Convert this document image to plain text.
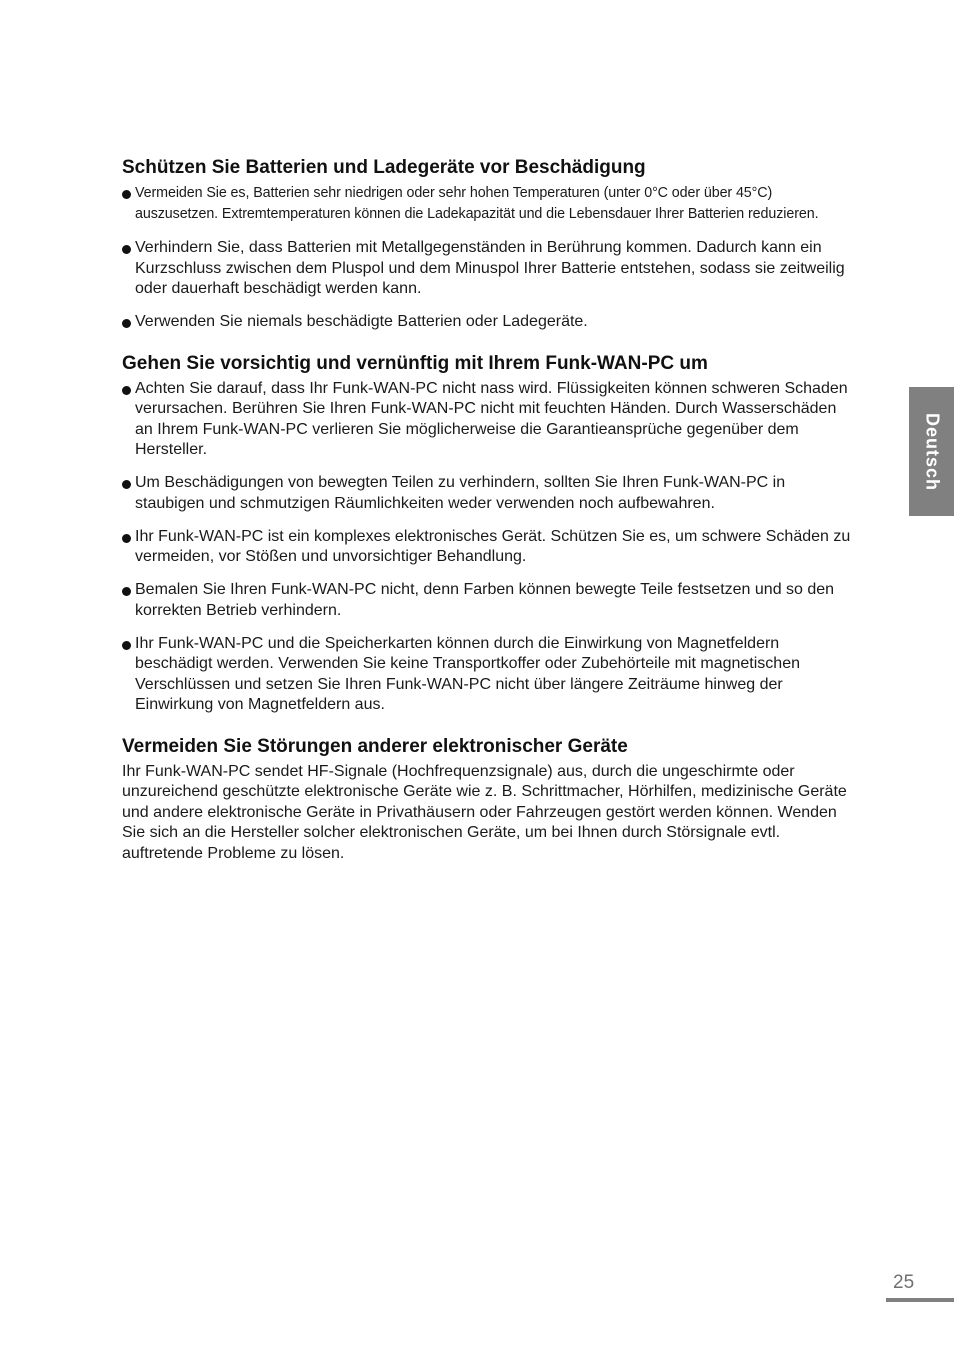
Schützen Sie Batterien und Ladegeräte vor Beschädigung
Vermeiden Sie es, Batterien sehr niedrigen oder sehr hohen Temperaturen (unter 0°C oder über 45°C) auszusetzen. Extremtemperaturen können die Ladekapazität und die Lebensdauer Ihrer Batterien reduzieren.
Verhindern Sie, dass Batterien mit Metallgegenständen in Berührung kommen. Dadurch kann ein Kurzschluss zwischen dem Pluspol und dem Minuspol Ihrer Batterie entstehen, sodass sie zeitweilig oder dauerhaft beschädigt werden kann.
Verwenden Sie niemals beschädigte Batterien oder Ladegeräte.
Gehen Sie vorsichtig und vernünftig mit Ihrem Funk-WAN-PC um
Achten Sie darauf, dass Ihr Funk-WAN-PC nicht nass wird. Flüssigkeiten können schweren Schaden verursachen. Berühren Sie Ihren Funk-WAN-PC nicht mit feuchten Händen. Durch Wasserschäden an Ihrem Funk-WAN-PC verlieren Sie möglicherweise die Garantieansprüche gegenüber dem Hersteller.
Um Beschädigungen von bewegten Teilen zu verhindern, sollten Sie Ihren Funk-WAN-PC in staubigen und schmutzigen Räumlichkeiten weder verwenden noch aufbewahren.
Ihr Funk-WAN-PC ist ein komplexes elektronisches Gerät. Schützen Sie es, um schwere Schäden zu vermeiden, vor Stößen und unvorsichtiger Behandlung.
Bemalen Sie Ihren Funk-WAN-PC nicht, denn Farben können bewegte Teile festsetzen und so den korrekten Betrieb verhindern.
Ihr Funk-WAN-PC und die Speicherkarten können durch die Einwirkung von Magnetfeldern beschädigt werden. Verwenden Sie keine Transportkoffer oder Zubehörteile mit magnetischen Verschlüssen und setzen Sie Ihren Funk-WAN-PC nicht über längere Zeiträume hinweg der Einwirkung von Magnetfeldern aus.
Vermeiden Sie Störungen anderer elektronischer Geräte

Ihr Funk-WAN-PC sendet HF-Signale (Hochfrequenzsignale) aus, durch die ungeschirmte oder unzureichend geschützte elektronische Geräte wie z. B. Schrittmacher, Hörhilfen, medizinische Geräte und andere elektronische Geräte in Privathäusern oder Fahrzeugen gestört werden können. Wenden Sie sich an die Hersteller solcher elektronischen Geräte, um bei Ihnen durch Störsignale evtl. auftretende Probleme zu lösen.

Deutsch
25
